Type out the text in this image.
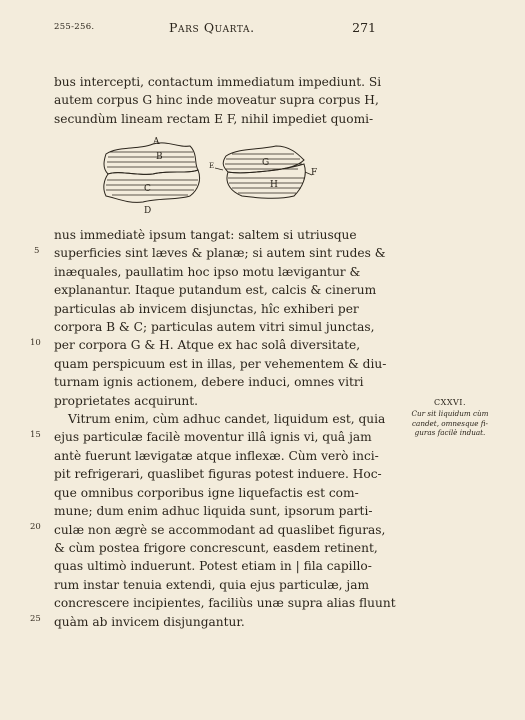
255-256.	Pars Quarta.	271
bus intercepti, contactum immediatum impediunt. Si
autem corpus G hinc inde moveatur supra corpus H,
secundùm lineam rectam E F, nihil impediet quomi-
A
B
C
D
E
F
G
H
nus immediatè ipsum tangat: saltem si utriusque
superficies sint læves & planæ; si autem sint rudes &
inæquales, paullatim hoc ipso motu lævigantur &
explanantur. Itaque putandum est, calcis & cinerum
particulas ab invicem disjunctas, hîc exhiberi per
corpora B & C; particulas autem vitri simul junctas,
per corpora G & H. Atque ex hac solâ diversitate,
quam perspicuum est in illas, per vehementem & diu-
turnam ignis actionem, debere induci, omnes vitri
proprietates acquirunt.
Vitrum enim, cùm adhuc candet, liquidum est, quia
ejus particulæ facilè moventur illâ ignis vi, quâ jam
antè fuerunt lævigatæ atque inflexæ. Cùm verò inci-
pit refrigerari, quaslibet figuras potest induere. Hoc-
que omnibus corporibus igne liquefactis est com-
mune; dum enim adhuc liquida sunt, ipsorum parti-
culæ non ægrè se accommodant ad quaslibet figuras,
& cùm postea frigore concrescunt, easdem retinent,
quas ultimò induerunt. Potest etiam in | fila capillo-
rum instar tenuia extendi, quia ejus particulæ, jam
concrescere incipientes, faciliùs unæ supra alias fluunt
quàm ab invicem disjungantur.
5
10
15
20
25
CXXVI.
Cur sit liquidum cùm
candet, omnesque fi-
guras facilè induat.
